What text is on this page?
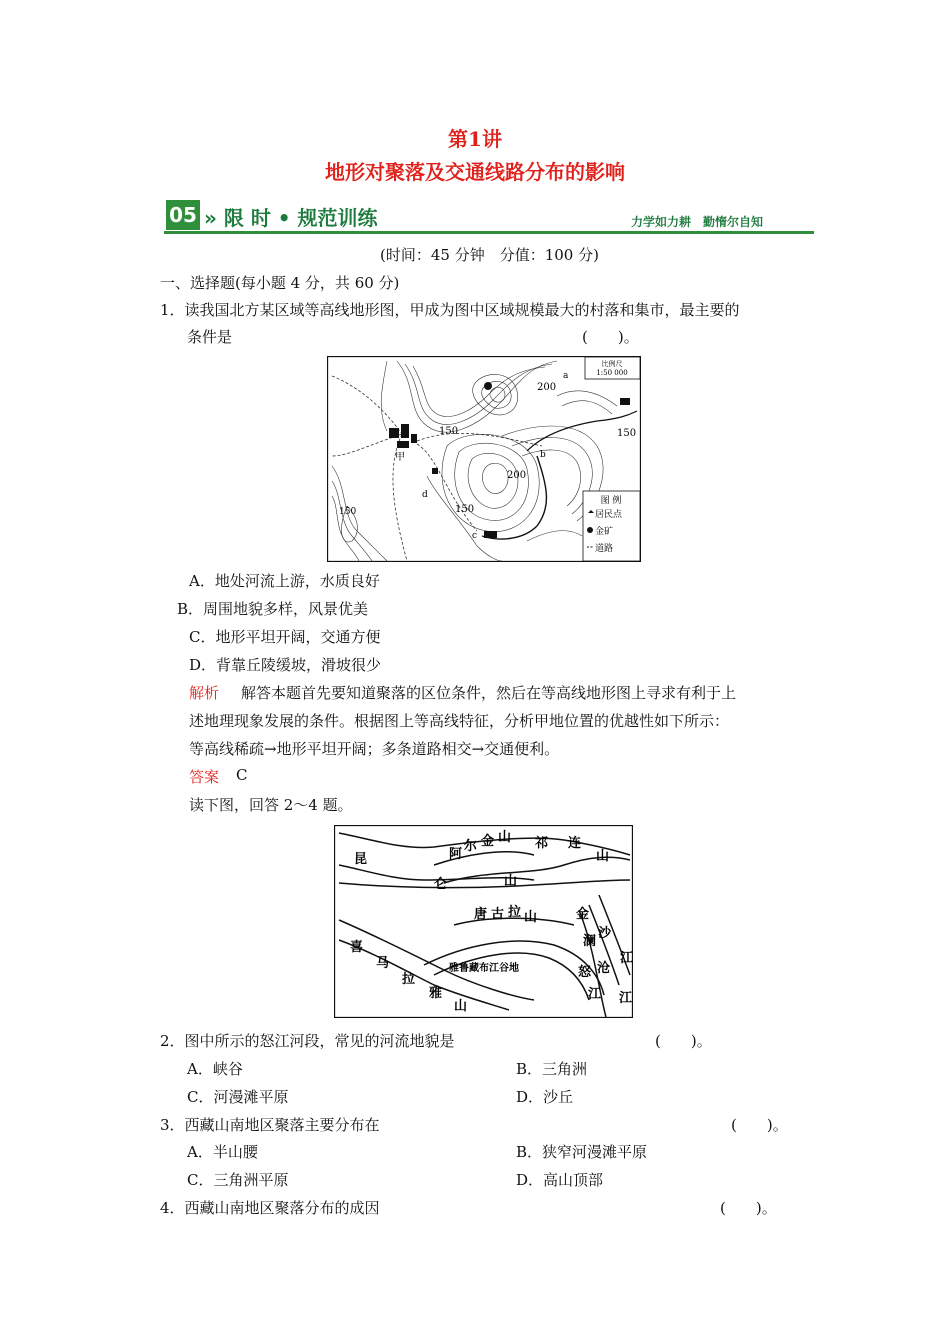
第1讲
地形对聚落及交通线路分布的影响
05 » 限 时 • 规范训练	力学如力耕　勤惰尔自知
(时间：45 分钟　分值：100 分)
一、选择题(每小题 4 分，共 60 分)
1．读我国北方某区域等高线地形图，甲成为图中区域规模最大的村落和集市，最主要的
条件是	(　　)。
比例尺
1:50 000
200
200
150	150
150
150
甲
a
b
c
d
图 例
居民点
金矿
道路
A．地处河流上游，水质良好
B．周围地貌多样，风景优美
C．地形平坦开阔，交通方便
D．背靠丘陵缓坡，滑坡很少
解析 解答本题首先要知道聚落的区位条件，然后在等高线地形图上寻求有利于上
述地理现象发展的条件。根据图上等高线特征，分析甲地位置的优越性如下所示：
等高线稀疏→地形平坦开阔；多条道路相交→交通便利。
答案 C
读下图，回答 2～4 题。
昆
仑	山
阿
尔 金 山 祁 连
山
唐 古 拉 山
喜
马
拉
雅
山
金
沙
江
澜
沧
江
怒
江
雅鲁藏布江谷地
2．图中所示的怒江河段，常见的河流地貌是	(　　)。
A．峡谷	B．三角洲
C．河漫滩平原	D．沙丘
3．西藏山南地区聚落主要分布在	(　　)。
A．半山腰	B．狭窄河漫滩平原
C．三角洲平原	D．高山顶部
4．西藏山南地区聚落分布的成因	(　　)。
